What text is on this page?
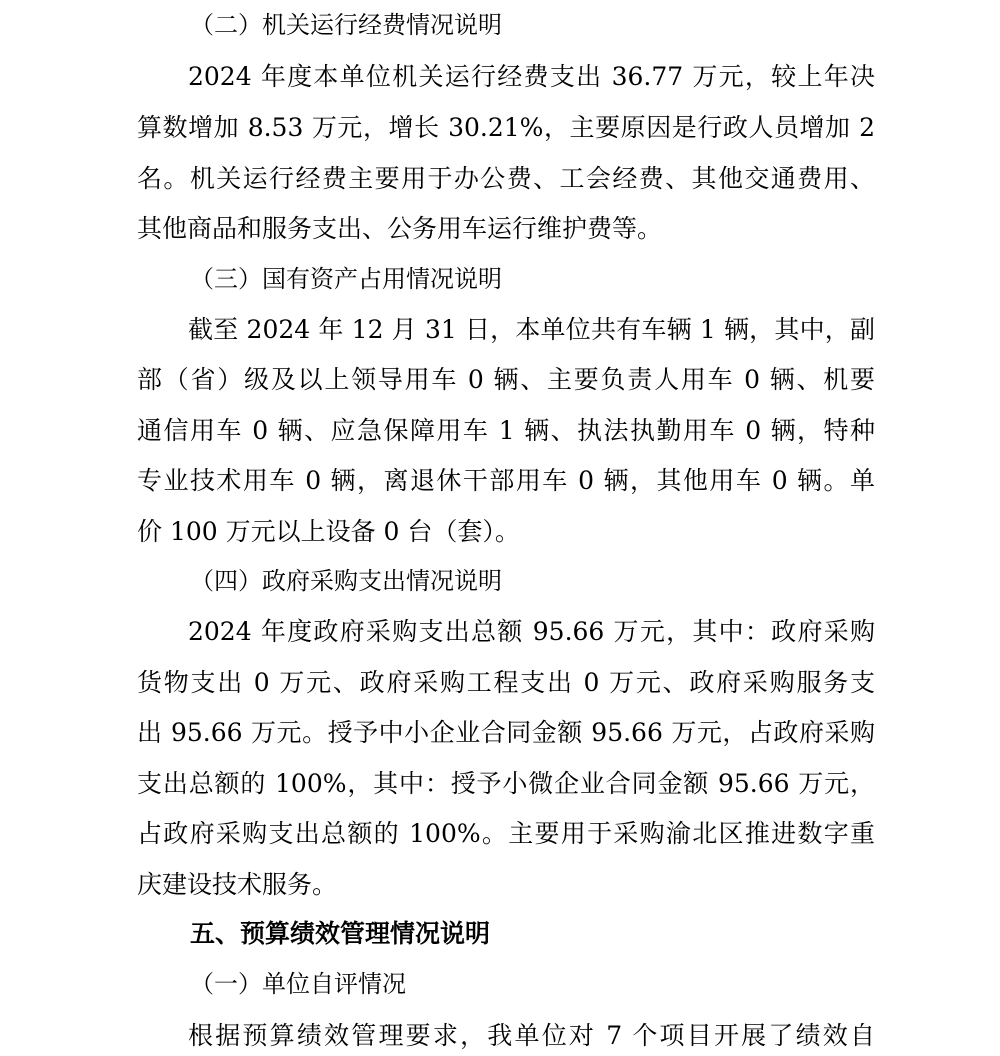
（二）机关运行经费情况说明
2024 年度本单位机关运行经费支出 36.77 万元，较上年决
算数增加 8.53 万元，增长 30.21%，主要原因是行政人员增加 2
名。机关运行经费主要用于办公费、工会经费、其他交通费用、
其他商品和服务支出、公务用车运行维护费等。
（三）国有资产占用情况说明
截至 2024 年 12 月 31 日，本单位共有车辆 1 辆，其中，副
部（省）级及以上领导用车 0 辆、主要负责人用车 0 辆、机要
通信用车 0 辆、应急保障用车 1 辆、执法执勤用车 0 辆，特种
专业技术用车 0 辆，离退休干部用车 0 辆，其他用车 0 辆。单
价 100 万元以上设备 0 台（套）。
（四）政府采购支出情况说明
2024 年度政府采购支出总额 95.66 万元，其中：政府采购
货物支出 0 万元、政府采购工程支出 0 万元、政府采购服务支
出 95.66 万元。授予中小企业合同金额 95.66 万元，占政府采购
支出总额的 100%，其中：授予小微企业合同金额 95.66 万元，
占政府采购支出总额的 100%。主要用于采购渝北区推进数字重
庆建设技术服务。
五、预算绩效管理情况说明
（一）单位自评情况
根据预算绩效管理要求，我单位对 7 个项目开展了绩效自
